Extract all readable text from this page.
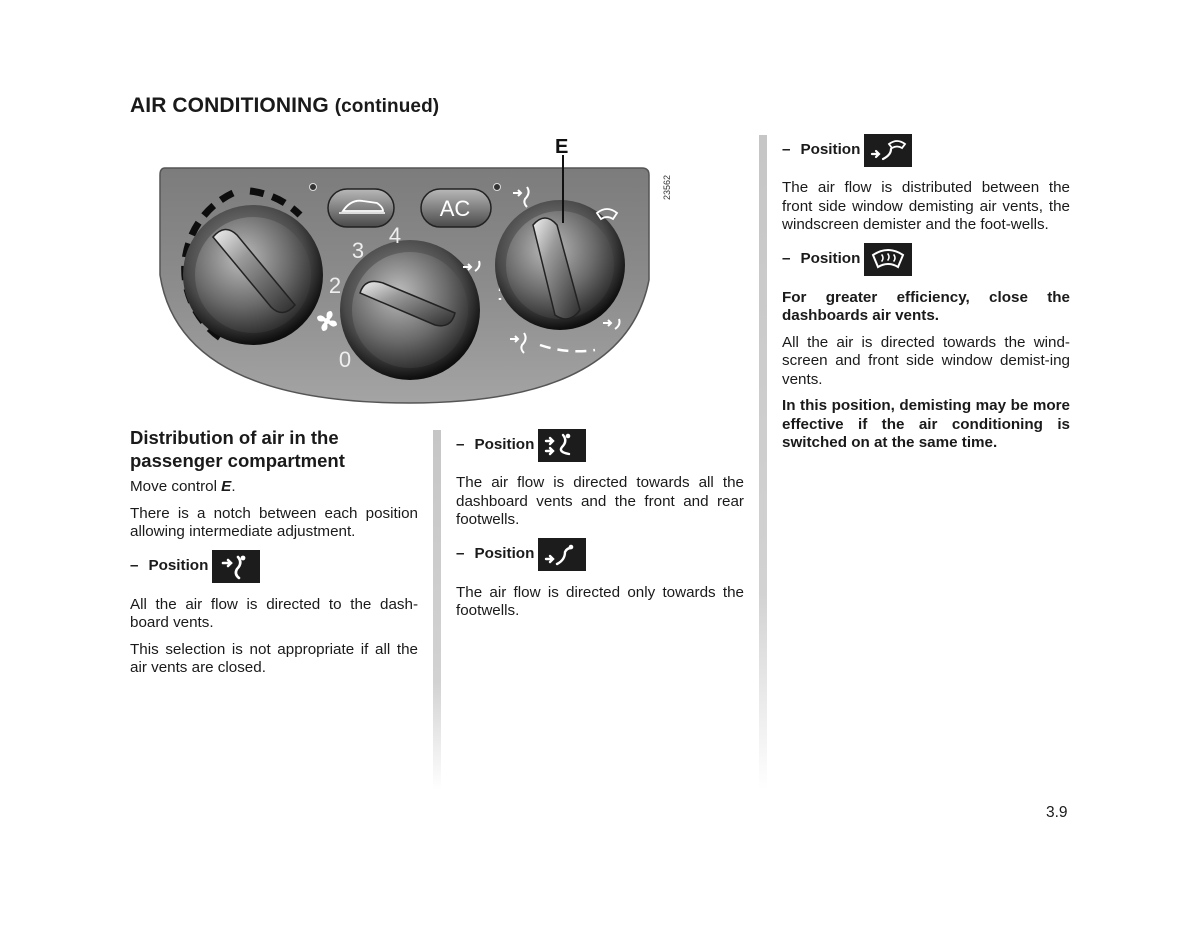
AIR CONDITIONING (continued)
E
AC
0
2
3
4
23562
Distribution of air in the
passenger compartment

Move control E.

There is a notch between each position allowing intermediate adjustment.

– Position

All the air flow is directed to the dash-board vents.

This selection is not appropriate if all the air vents are closed.

– Position

The air flow is directed towards all the dashboard vents and the front and rear footwells.

– Position

The air flow is directed only towards the footwells.

– Position

The air flow is distributed between the front side window demisting air vents, the windscreen demister and the foot-wells.

– Position

For greater efficiency, close the dashboards air vents.

All the air is directed towards the wind-screen and front side window demist-ing vents.

In this position, demisting may be more effective if the air conditioning is switched on at the same time.

3.9
